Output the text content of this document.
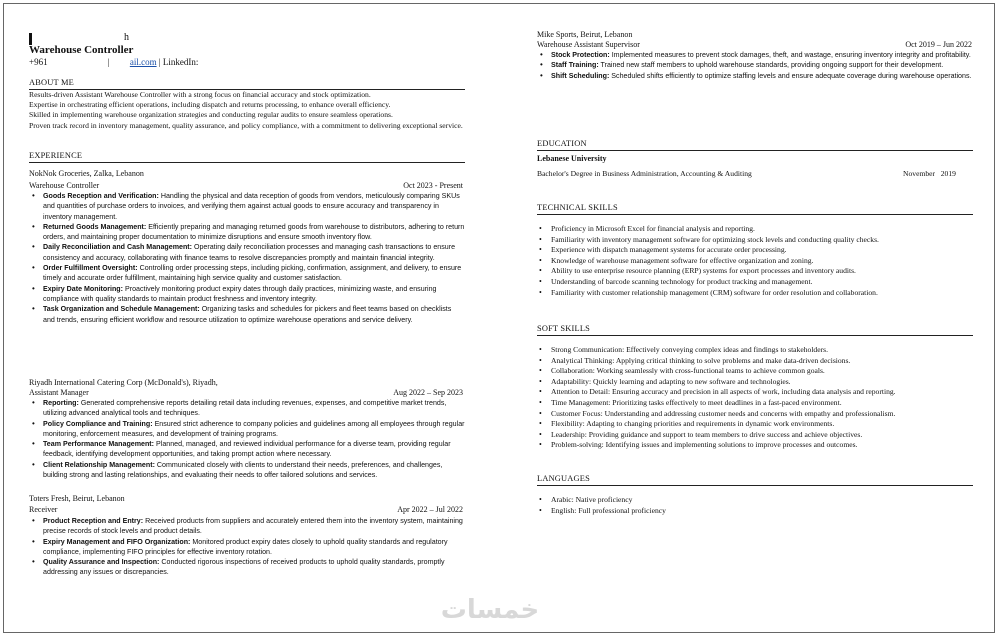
h
Warehouse Controller
+961	| ail.com | LinkedIn:
ABOUT ME
Results-driven Assistant Warehouse Controller with a strong focus on financial accuracy and stock optimization.
Expertise in orchestrating efficient operations, including dispatch and returns processing, to enhance overall efficiency.
Skilled in implementing warehouse organization strategies and conducting regular audits to ensure seamless operations.
Proven track record in inventory management, quality assurance, and policy compliance, with a commitment to delivering exceptional service.
EXPERIENCE
NokNok Groceries, Zalka, Lebanon
Warehouse Controller	Oct 2023 - Present
• Goods Reception and Verification: Handling the physical and data reception of goods from vendors, meticulously comparing SKUs and quantities of purchase orders to invoices, and verifying them against actual goods to ensure accuracy and transparency in inventory management.
• Returned Goods Management: Efficiently preparing and managing returned goods from warehouse to distributors, adhering to return orders, and maintaining proper documentation to minimize disruptions and ensure smooth inventory flow.
• Daily Reconciliation and Cash Management: Operating daily reconciliation processes and managing cash transactions to ensure consistency and accuracy, collaborating with finance teams to resolve discrepancies promptly and maintain financial integrity.
• Order Fulfillment Oversight: Controlling order processing steps, including picking, confirmation, assignment, and delivery, to ensure timely and accurate order fulfillment, maintaining high service quality and customer satisfaction.
• Expiry Date Monitoring: Proactively monitoring product expiry dates through daily practices, minimizing waste, and ensuring compliance with quality standards to maintain product freshness and inventory integrity.
• Task Organization and Schedule Management: Organizing tasks and schedules for pickers and fleet teams based on checklists and trends, ensuring efficient workflow and resource utilization to optimize warehouse operations and service delivery.
Riyadh International Catering Corp (McDonald's), Riyadh,
Assistant Manager	Aug 2022 – Sep 2023
• Reporting: Generated comprehensive reports detailing retail data including revenues, expenses, and competitive market trends, utilizing advanced analytical tools and techniques.
• Policy Compliance and Training: Ensured strict adherence to company policies and guidelines among all employees through regular monitoring, enforcement measures, and development of training programs.
• Team Performance Management: Planned, managed, and reviewed individual performance for a diverse team, providing regular feedback, identifying development opportunities, and taking prompt action where necessary.
• Client Relationship Management: Communicated closely with clients to understand their needs, preferences, and challenges, building strong and lasting relationships, and evaluating their needs to offer tailored solutions and services.
Toters Fresh, Beirut, Lebanon
Receiver	Apr 2022 – Jul 2022
• Product Reception and Entry: Received products from suppliers and accurately entered them into the inventory system, maintaining precise records of stock levels and product details.
• Expiry Management and FIFO Organization: Monitored product expiry dates closely to uphold quality standards and regulatory compliance, implementing FIFO principles for effective inventory rotation.
• Quality Assurance and Inspection: Conducted rigorous inspections of received products to uphold quality standards, promptly addressing any issues or discrepancies.
Mike Sports, Beirut, Lebanon
Warehouse Assistant Supervisor	Oct 2019 – Jun 2022
• Stock Protection: Implemented measures to prevent stock damages, theft, and wastage, ensuring inventory integrity and profitability.
• Staff Training: Trained new staff members to uphold warehouse standards, providing ongoing support for their development.
• Shift Scheduling: Scheduled shifts efficiently to optimize staffing levels and ensure adequate coverage during warehouse operations.
EDUCATION
Lebanese University
Bachelor's Degree in Business Administration, Accounting & Auditing	November   2019
TECHNICAL SKILLS
• Proficiency in Microsoft Excel for financial analysis and reporting.
• Familiarity with inventory management software for optimizing stock levels and conducting quality checks.
• Experience with dispatch management systems for accurate order processing.
• Knowledge of warehouse management software for effective organization and zoning.
• Ability to use enterprise resource planning (ERP) systems for export processes and inventory audits.
• Understanding of barcode scanning technology for product tracking and management.
• Familiarity with customer relationship management (CRM) software for order resolution and collaboration.
SOFT SKILLS
• Strong Communication: Effectively conveying complex ideas and findings to stakeholders.
• Analytical Thinking: Applying critical thinking to solve problems and make data-driven decisions.
• Collaboration: Working seamlessly with cross-functional teams to achieve common goals.
• Adaptability: Quickly learning and adapting to new software and technologies.
• Attention to Detail: Ensuring accuracy and precision in all aspects of work, including data analysis and reporting.
• Time Management: Prioritizing tasks effectively to meet deadlines in a fast-paced environment.
• Customer Focus: Understanding and addressing customer needs and concerns with empathy and professionalism.
• Flexibility: Adapting to changing priorities and requirements in dynamic work environments.
• Leadership: Providing guidance and support to team members to drive success and achieve objectives.
• Problem-solving: Identifying issues and implementing solutions to improve processes and outcomes.
LANGUAGES
• Arabic: Native proficiency
• English: Full professional proficiency
خمسات
